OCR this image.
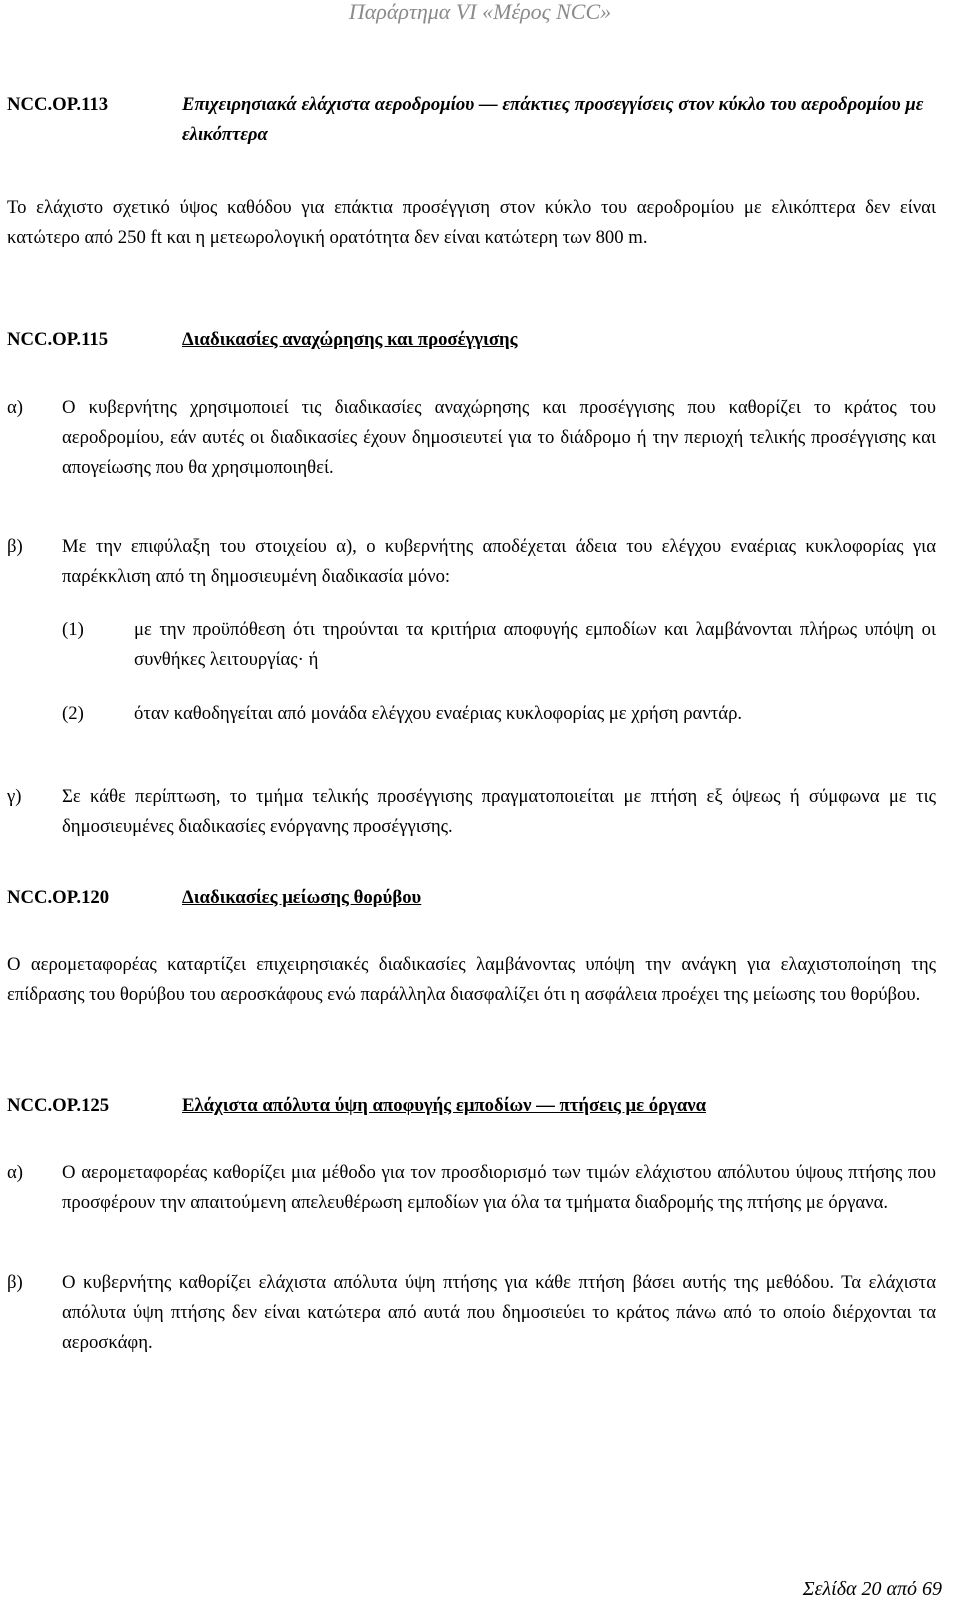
Παράρτημα VI «Μέρος NCC»
NCC.OP.113	Επιχειρησιακά ελάχιστα αεροδρομίου — επάκτιες προσεγγίσεις στον κύκλο του αεροδρομίου με ελικόπτερα
Το ελάχιστο σχετικό ύψος καθόδου για επάκτια προσέγγιση στον κύκλο του αεροδρομίου με ελικόπτερα δεν είναι κατώτερο από 250 ft και η μετεωρολογική ορατότητα δεν είναι κατώτερη των 800 m.
NCC.OP.115	Διαδικασίες αναχώρησης και προσέγγισης
α)	Ο κυβερνήτης χρησιμοποιεί τις διαδικασίες αναχώρησης και προσέγγισης που καθορίζει το κράτος του αεροδρομίου, εάν αυτές οι διαδικασίες έχουν δημοσιευτεί για το διάδρομο ή την περιοχή τελικής προσέγγισης και απογείωσης που θα χρησιμοποιηθεί.
β)	Με την επιφύλαξη του στοιχείου α), ο κυβερνήτης αποδέχεται άδεια του ελέγχου εναέριας κυκλοφορίας για παρέκκλιση από τη δημοσιευμένη διαδικασία μόνο:
(1)	με την προϋπόθεση ότι τηρούνται τα κριτήρια αποφυγής εμποδίων και λαμβάνονται πλήρως υπόψη οι συνθήκες λειτουργίας· ή
(2)	όταν καθοδηγείται από μονάδα ελέγχου εναέριας κυκλοφορίας με χρήση ραντάρ.
γ)	Σε κάθε περίπτωση, το τμήμα τελικής προσέγγισης πραγματοποιείται με πτήση εξ όψεως ή σύμφωνα με τις δημοσιευμένες διαδικασίες ενόργανης προσέγγισης.
NCC.OP.120	Διαδικασίες μείωσης θορύβου
Ο αερομεταφορέας καταρτίζει επιχειρησιακές διαδικασίες λαμβάνοντας υπόψη την ανάγκη για ελαχιστοποίηση της επίδρασης του θορύβου του αεροσκάφους ενώ παράλληλα διασφαλίζει ότι η ασφάλεια προέχει της μείωσης του θορύβου.
NCC.OP.125	Ελάχιστα απόλυτα ύψη αποφυγής εμποδίων — πτήσεις με όργανα
α)	Ο αερομεταφορέας καθορίζει μια μέθοδο για τον προσδιορισμό των τιμών ελάχιστου απόλυτου ύψους πτήσης που προσφέρουν την απαιτούμενη απελευθέρωση εμποδίων για όλα τα τμήματα διαδρομής της πτήσης με όργανα.
β)	Ο κυβερνήτης καθορίζει ελάχιστα απόλυτα ύψη πτήσης για κάθε πτήση βάσει αυτής της μεθόδου. Τα ελάχιστα απόλυτα ύψη πτήσης δεν είναι κατώτερα από αυτά που δημοσιεύει το κράτος πάνω από το οποίο διέρχονται τα αεροσκάφη.
Σελίδα 20 από 69
